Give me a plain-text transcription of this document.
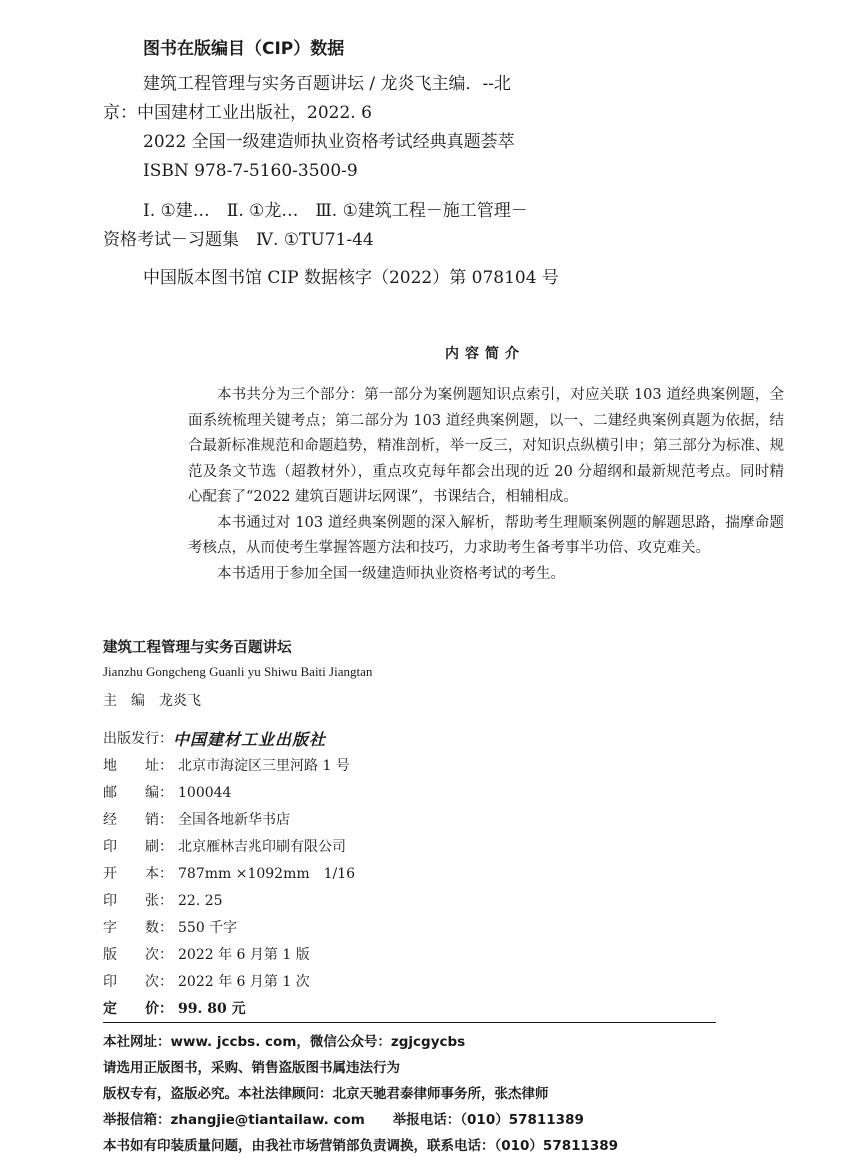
图书在版编目（CIP）数据
建筑工程管理与实务百题讲坛 / 龙炎飞主编．--北
京：中国建材工业出版社，2022. 6
2022 全国一级建造师执业资格考试经典真题荟萃
ISBN 978-7-5160-3500-9
Ⅰ. ①建…　Ⅱ. ①龙…　Ⅲ. ①建筑工程－施工管理－
资格考试－习题集　Ⅳ. ①TU71-44
中国版本图书馆 CIP 数据核字（2022）第 078104 号
内容简介

本书共分为三个部分：第一部分为案例题知识点索引，对应关联 103 道经典案例题，全面系统梳理关键考点；第二部分为 103 道经典案例题，以一、二建经典案例真题为依据，结合最新标准规范和命题趋势，精准剖析，举一反三，对知识点纵横引申；第三部分为标准、规范及条文节选（超教材外），重点攻克每年都会出现的近 20 分超纲和最新规范考点。同时精心配套了“2022 建筑百题讲坛网课”，书课结合，相辅相成。

本书通过对 103 道经典案例题的深入解析，帮助考生理顺案例题的解题思路，揣摩命题考核点，从而使考生掌握答题方法和技巧，力求助考生备考事半功倍、攻克难关。

本书适用于参加全国一级建造师执业资格考试的考生。

建筑工程管理与实务百题讲坛
Jianzhu Gongcheng Guanli yu Shiwu Baiti Jiangtan
主　编　龙炎飞
出版发行： 中国建材工业出版社
地　　址： 北京市海淀区三里河路 1 号
邮　　编： 100044
经　　销： 全国各地新华书店
印　　刷： 北京雁林吉兆印刷有限公司
开　　本： 787mm ×1092mm　1/16
印　　张： 22. 25
字　　数： 550 千字
版　　次： 2022 年 6 月第 1 版
印　　次： 2022 年 6 月第 1 次
定　　价： 99. 80 元
本社网址：www. jccbs. com，微信公众号：zgjcgycbs
请选用正版图书，采购、销售盗版图书属违法行为
版权专有，盗版必究。本社法律顾问：北京天驰君泰律师事务所，张杰律师
举报信箱：zhangjie@tiantailaw. com 举报电话：（010）57811389
本书如有印装质量问题，由我社市场营销部负责调换，联系电话：（010）57811389
